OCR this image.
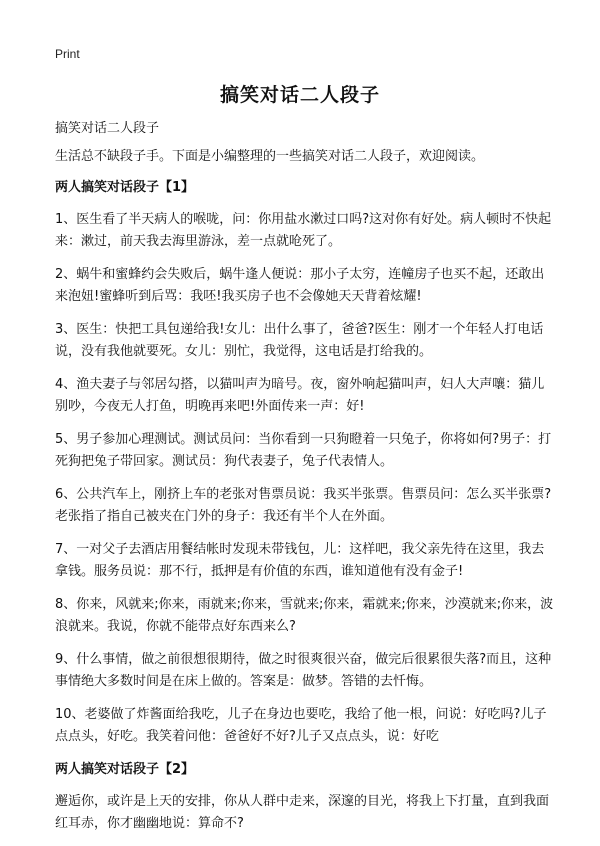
Print
搞笑对话二人段子

搞笑对话二人段子

生活总不缺段子手。下面是小编整理的一些搞笑对话二人段子，欢迎阅读。

两人搞笑对话段子【1】

1、医生看了半天病人的喉咙，问：你用盐水漱过口吗?这对你有好处。病人顿时不快起来：漱过，前天我去海里游泳，差一点就呛死了。

2、蜗牛和蜜蜂约会失败后，蜗牛逢人便说：那小子太穷，连幢房子也买不起，还敢出来泡妞!蜜蜂听到后骂：我呸!我买房子也不会像她天天背着炫耀!

3、医生：快把工具包递给我!女儿：出什么事了，爸爸?医生：刚才一个年轻人打电话说，没有我他就要死。女儿：别忙，我觉得，这电话是打给我的。

4、渔夫妻子与邻居勾搭，以猫叫声为暗号。夜，窗外响起猫叫声，妇人大声嚷：猫儿别吵，今夜无人打鱼，明晚再来吧!外面传来一声：好!

5、男子参加心理测试。测试员问：当你看到一只狗瞪着一只兔子，你将如何?男子：打死狗把兔子带回家。测试员：狗代表妻子，兔子代表情人。

6、公共汽车上，刚挤上车的老张对售票员说：我买半张票。售票员问：怎么买半张票?老张指了指自己被夹在门外的身子：我还有半个人在外面。

7、一对父子去酒店用餐结帐时发现未带钱包，儿：这样吧，我父亲先待在这里，我去拿钱。服务员说：那不行，抵押是有价值的东西，谁知道他有没有金子!

8、你来，风就来;你来，雨就来;你来，雪就来;你来，霜就来;你来，沙漠就来;你来，波浪就来。我说，你就不能带点好东西来么?

9、什么事情，做之前很想很期待，做之时很爽很兴奋，做完后很累很失落?而且，这种事情绝大多数时间是在床上做的。答案是：做梦。答错的去忏悔。

10、老婆做了炸酱面给我吃，儿子在身边也要吃，我给了他一根，问说：好吃吗?儿子点点头，好吃。我笑着问他：爸爸好不好?儿子又点点头，说：好吃

两人搞笑对话段子【2】

邂逅你，或许是上天的安排，你从人群中走来，深邃的目光，将我上下打量，直到我面红耳赤，你才幽幽地说：算命不?
